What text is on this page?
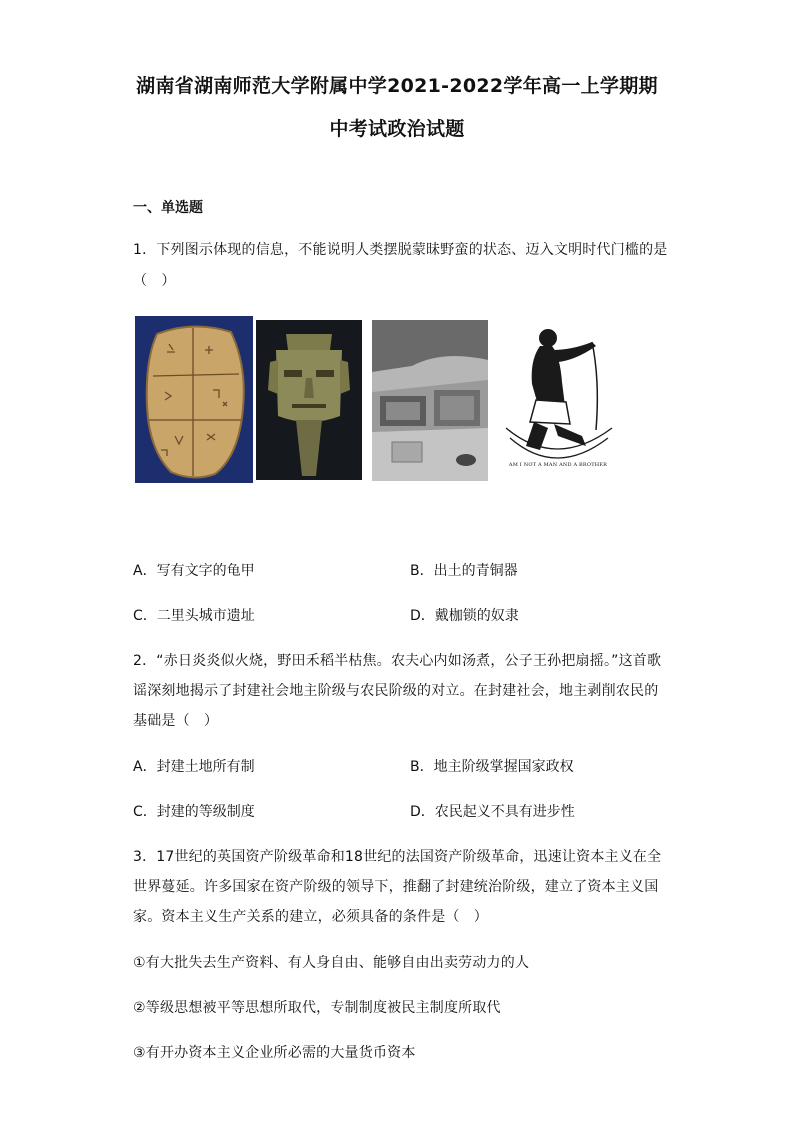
湖南省湖南师范大学附属中学2021-2022学年高一上学期期
中考试政治试题
一、单选题
1．下列图示体现的信息，不能说明人类摆脱蒙昧野蛮的状态、迈入文明时代门槛的是
（　）
AM I NOT A MAN AND A BROTHER
A．写有文字的龟甲	B．出土的青铜器
C．二里头城市遗址	D．戴枷锁的奴隶
2．“赤日炎炎似火烧，野田禾稻半枯焦。农夫心内如汤煮，公子王孙把扇摇。”这首歌
谣深刻地揭示了封建社会地主阶级与农民阶级的对立。在封建社会，地主剥削农民的
基础是（　）
A．封建土地所有制	B．地主阶级掌握国家政权
C．封建的等级制度	D．农民起义不具有进步性
3．17世纪的英国资产阶级革命和18世纪的法国资产阶级革命，迅速让资本主义在全
世界蔓延。许多国家在资产阶级的领导下，推翻了封建统治阶级，建立了资本主义国
家。资本主义生产关系的建立，必须具备的条件是（　）
①有大批失去生产资料、有人身自由、能够自由出卖劳动力的人
②等级思想被平等思想所取代，专制制度被民主制度所取代
③有开办资本主义企业所必需的大量货币资本
